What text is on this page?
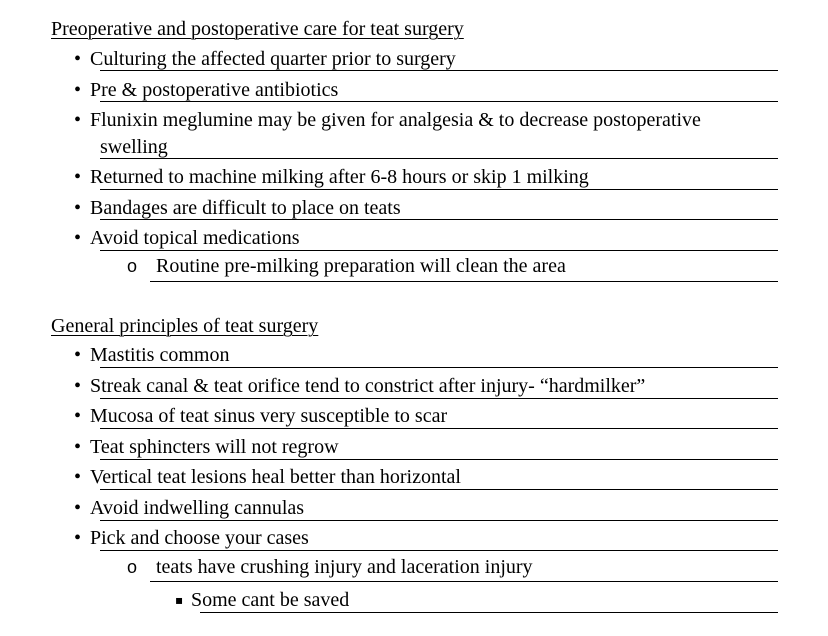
Preoperative and postoperative care for teat surgery
• Culturing the affected quarter prior to surgery
• Pre & postoperative antibiotics
• Flunixin meglumine may be given for analgesia & to decrease postoperative
swelling
• Returned to machine milking after 6-8 hours or skip 1 milking
• Bandages are difficult to place on teats
• Avoid topical medications
o Routine pre-milking preparation will clean the area
General principles of teat surgery
• Mastitis common
• Streak canal & teat orifice tend to constrict after injury- “hardmilker”
• Mucosa of teat sinus very susceptible to scar
• Teat sphincters will not regrow
• Vertical teat lesions heal better than horizontal
• Avoid indwelling cannulas
• Pick and choose your cases
o teats have crushing injury and laceration injury
▪ Some cant be saved
